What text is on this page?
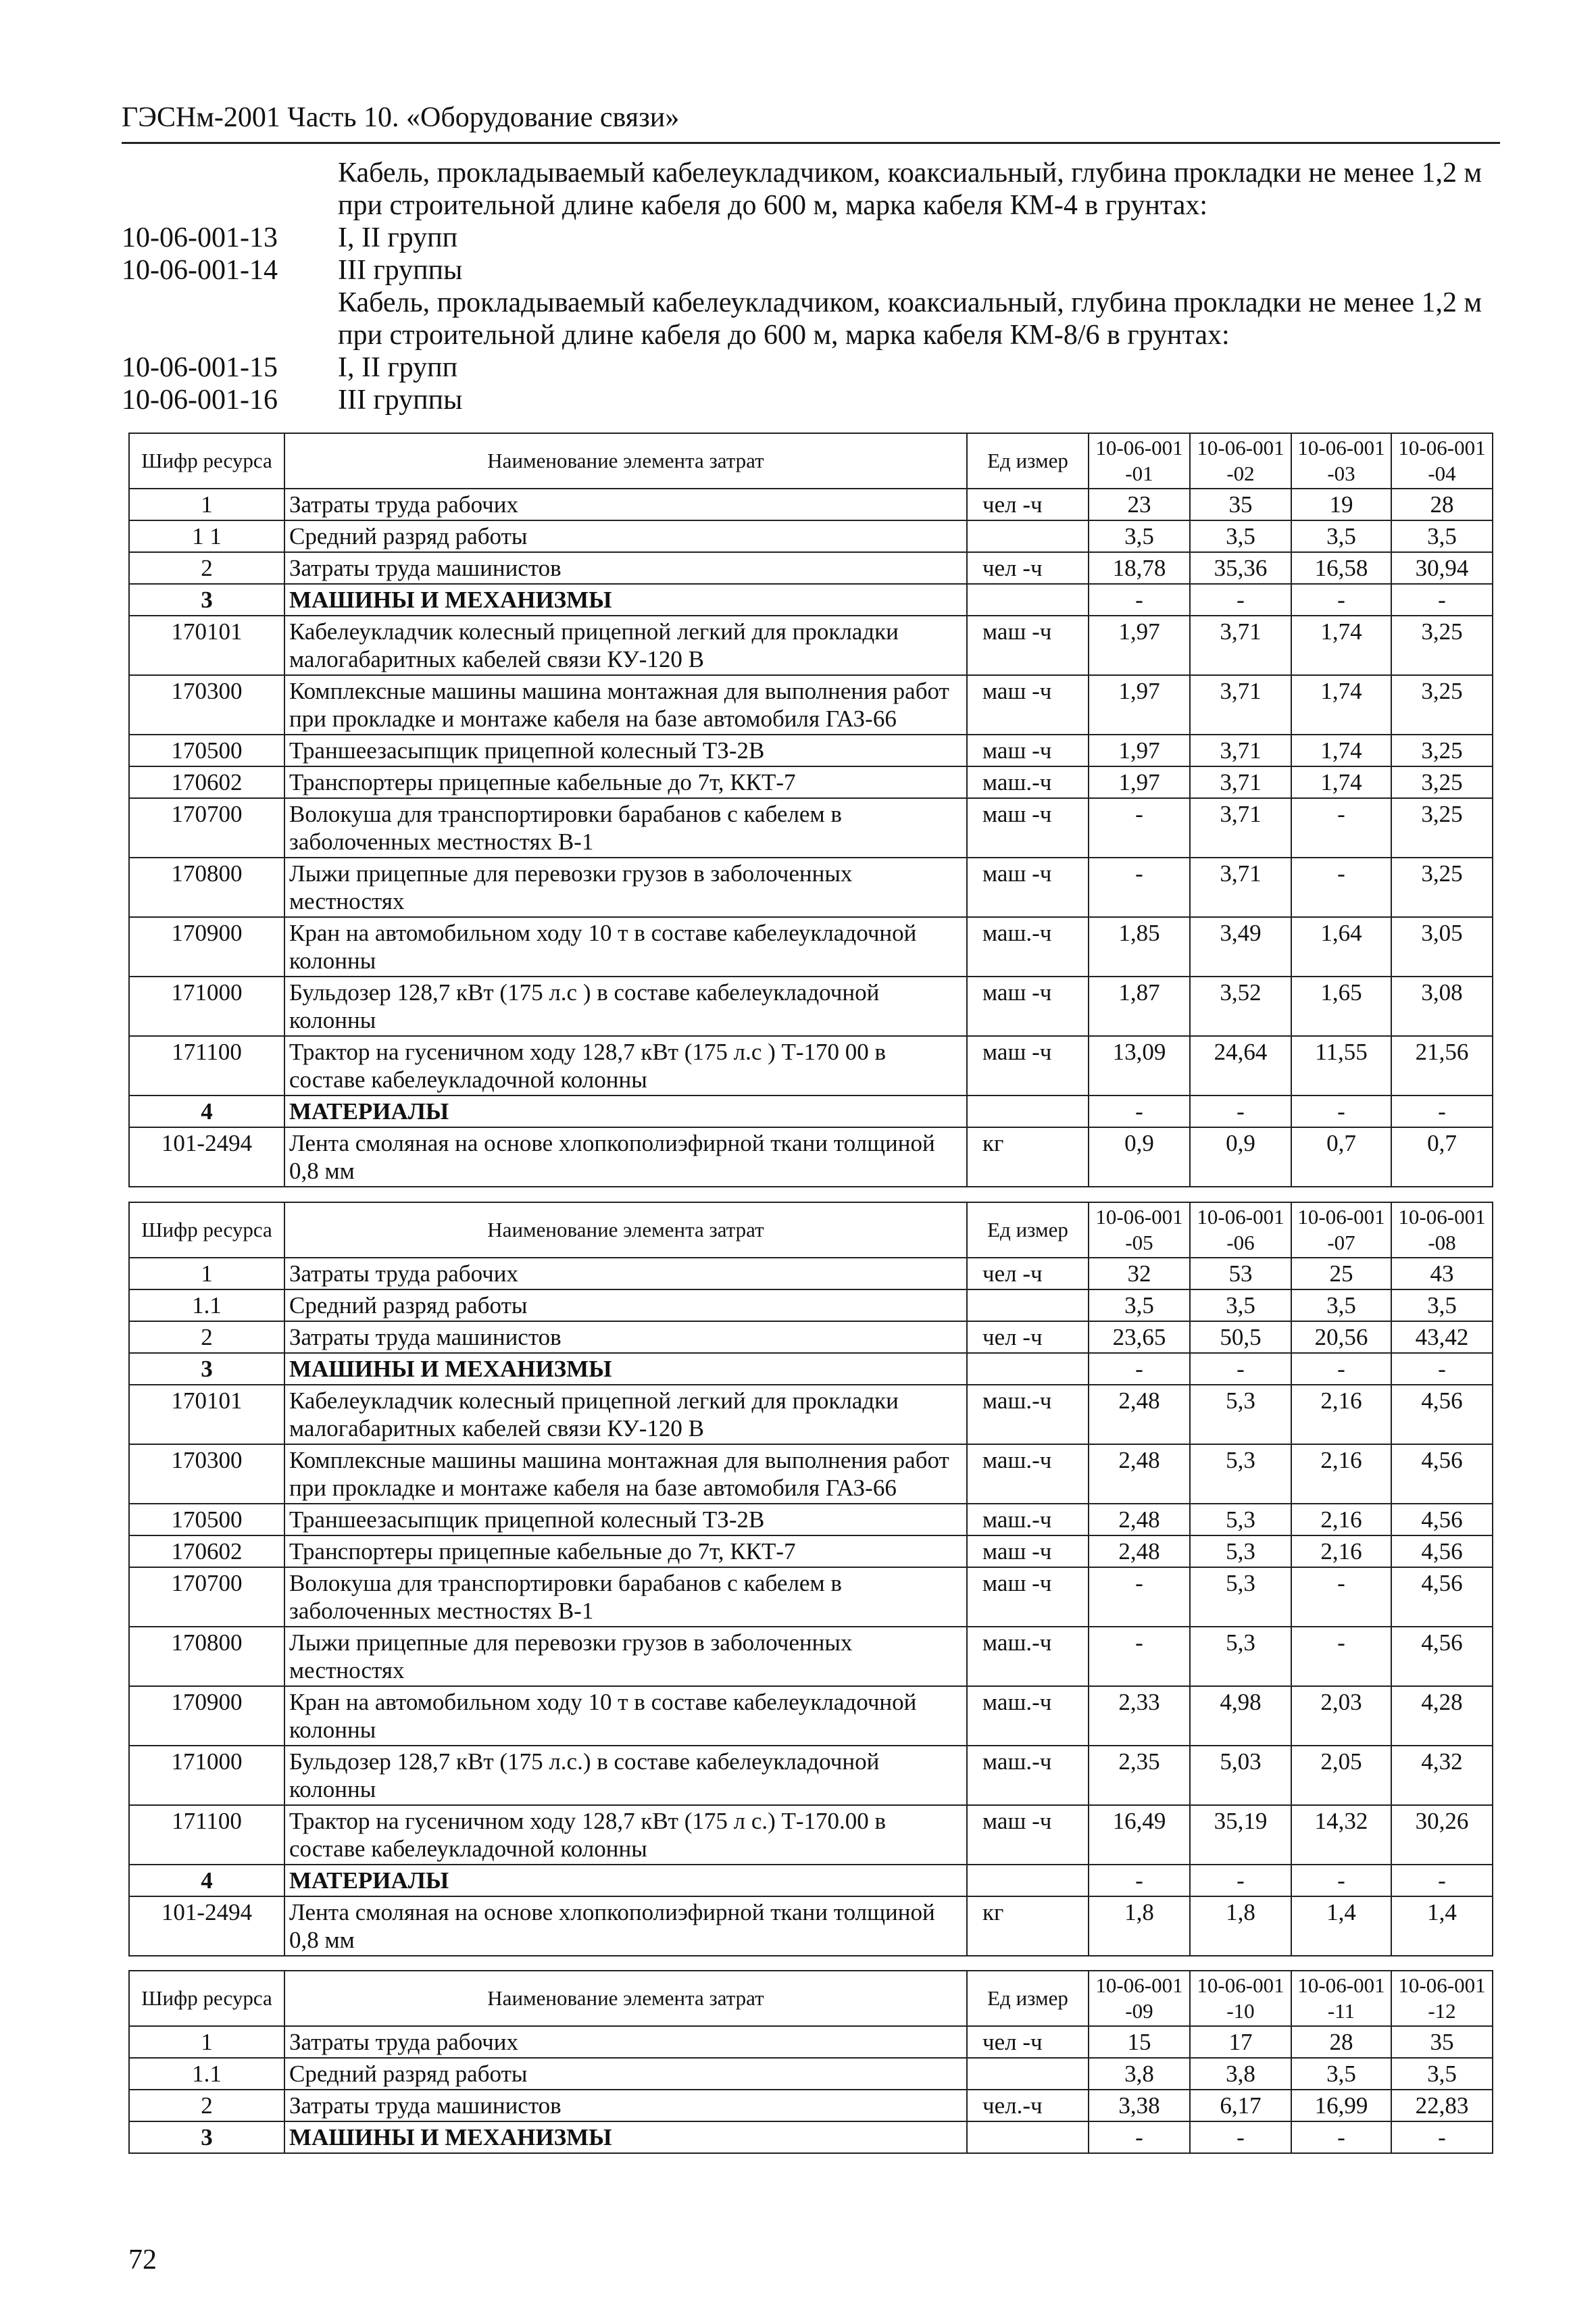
ГЭСНм-2001 Часть 10. «Оборудование связи»
Кабель, прокладываемый кабелеукладчиком, коаксиальный, глубина прокладки не менее 1,2 м при строительной длине кабеля до 600 м, марка кабеля КМ-4 в грунтах:
10-06-001-13	I, II групп
10-06-001-14	III группы
Кабель, прокладываемый кабелеукладчиком, коаксиальный, глубина прокладки не менее 1,2 м при строительной длине кабеля до 600 м, марка кабеля КМ-8/6 в грунтах:
10-06-001-15	I, II групп
10-06-001-16	III группы
Шифр ресурса	Наименование элемента затрат	Ед измер	10-06-001-01	10-06-001-02	10-06-001-03	10-06-001-04
1	Затраты труда рабочих	чел -ч	23	35	19	28
1 1	Средний разряд работы		3,5	3,5	3,5	3,5
2	Затраты труда машинистов	чел -ч	18,78	35,36	16,58	30,94
3	МАШИНЫ И МЕХАНИЗМЫ		-	-	-	-
170101	Кабелеукладчик колесный прицепной легкий для прокладки малогабаритных кабелей связи КУ-120 В	маш -ч	1,97	3,71	1,74	3,25
170300	Комплексные машины машина монтажная для выполнения работ при прокладке и монтаже кабеля на базе автомобиля ГАЗ-66	маш -ч	1,97	3,71	1,74	3,25
170500	Траншеезасыпщик прицепной колесный ТЗ-2В	маш -ч	1,97	3,71	1,74	3,25
170602	Транспортеры прицепные кабельные до 7т, ККТ-7	маш.-ч	1,97	3,71	1,74	3,25
170700	Волокуша для транспортировки барабанов с кабелем в заболоченных местностях В-1	маш -ч	-	3,71	-	3,25
170800	Лыжи прицепные для перевозки грузов в заболоченных местностях	маш -ч	-	3,71	-	3,25
170900	Кран на автомобильном ходу 10 т в составе кабелеукладочной колонны	маш.-ч	1,85	3,49	1,64	3,05
171000	Бульдозер 128,7 кВт (175 л.с ) в составе кабелеукладочной колонны	маш -ч	1,87	3,52	1,65	3,08
171100	Трактор на гусеничном ходу 128,7 кВт (175 л.с ) Т-170 00 в составе кабелеукладочной колонны	маш -ч	13,09	24,64	11,55	21,56
4	МАТЕРИАЛЫ		-	-	-	-
101-2494	Лента смоляная на основе хлопкополиэфирной ткани толщиной 0,8 мм	кг	0,9	0,9	0,7	0,7
Шифр ресурса	Наименование элемента затрат	Ед измер	10-06-001-05	10-06-001-06	10-06-001-07	10-06-001-08
1	Затраты труда рабочих	чел -ч	32	53	25	43
1.1	Средний разряд работы		3,5	3,5	3,5	3,5
2	Затраты труда машинистов	чел -ч	23,65	50,5	20,56	43,42
3	МАШИНЫ И МЕХАНИЗМЫ		-	-	-	-
170101	Кабелеукладчик колесный прицепной легкий для прокладки малогабаритных кабелей связи КУ-120 В	маш.-ч	2,48	5,3	2,16	4,56
170300	Комплексные машины машина монтажная для выполнения работ при прокладке и монтаже кабеля на базе автомобиля ГАЗ-66	маш.-ч	2,48	5,3	2,16	4,56
170500	Траншеезасыпщик прицепной колесный ТЗ-2В	маш.-ч	2,48	5,3	2,16	4,56
170602	Транспортеры прицепные кабельные до 7т, ККТ-7	маш -ч	2,48	5,3	2,16	4,56
170700	Волокуша для транспортировки барабанов с кабелем в заболоченных местностях В-1	маш -ч	-	5,3	-	4,56
170800	Лыжи прицепные для перевозки грузов в заболоченных местностях	маш.-ч	-	5,3	-	4,56
170900	Кран на автомобильном ходу 10 т в составе кабелеукладочной колонны	маш.-ч	2,33	4,98	2,03	4,28
171000	Бульдозер 128,7 кВт (175 л.с.) в составе кабелеукладочной колонны	маш.-ч	2,35	5,03	2,05	4,32
171100	Трактор на гусеничном ходу 128,7 кВт (175 л с.) Т-170.00 в составе кабелеукладочной колонны	маш -ч	16,49	35,19	14,32	30,26
4	МАТЕРИАЛЫ		-	-	-	-
101-2494	Лента смоляная на основе хлопкополиэфирной ткани толщиной 0,8 мм	кг	1,8	1,8	1,4	1,4
Шифр ресурса	Наименование элемента затрат	Ед измер	10-06-001-09	10-06-001-10	10-06-001-11	10-06-001-12
1	Затраты труда рабочих	чел -ч	15	17	28	35
1.1	Средний разряд работы		3,8	3,8	3,5	3,5
2	Затраты труда машинистов	чел.-ч	3,38	6,17	16,99	22,83
3	МАШИНЫ И МЕХАНИЗМЫ		-	-	-	-
72
